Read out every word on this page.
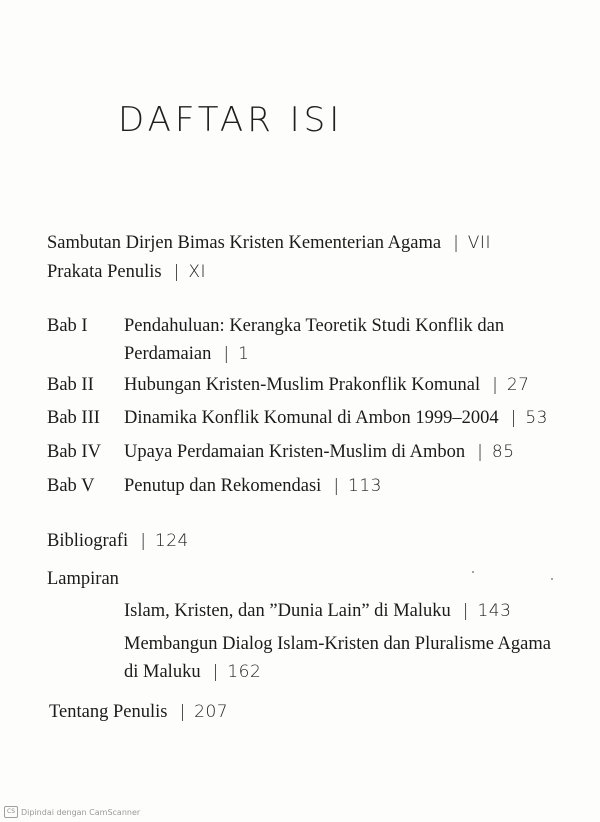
DAFTAR ISI
Sambutan Dirjen Bimas Kristen Kementerian Agama | VII
Prakata Penulis | XI
Bab I Pendahuluan: Kerangka Teoretik Studi Konflik dan
Perdamaian | 1
Bab II Hubungan Kristen-Muslim Prakonflik Komunal | 27
Bab III Dinamika Konflik Komunal di Ambon 1999–2004 | 53
Bab IV Upaya Perdamaian Kristen-Muslim di Ambon | 85
Bab V Penutup dan Rekomendasi | 113
Bibliografi | 124
Lampiran
Islam, Kristen, dan ”Dunia Lain” di Maluku | 143
Membangun Dialog Islam-Kristen dan Pluralisme Agama
di Maluku | 162
Tentang Penulis | 207
CS Dipindai dengan CamScanner
